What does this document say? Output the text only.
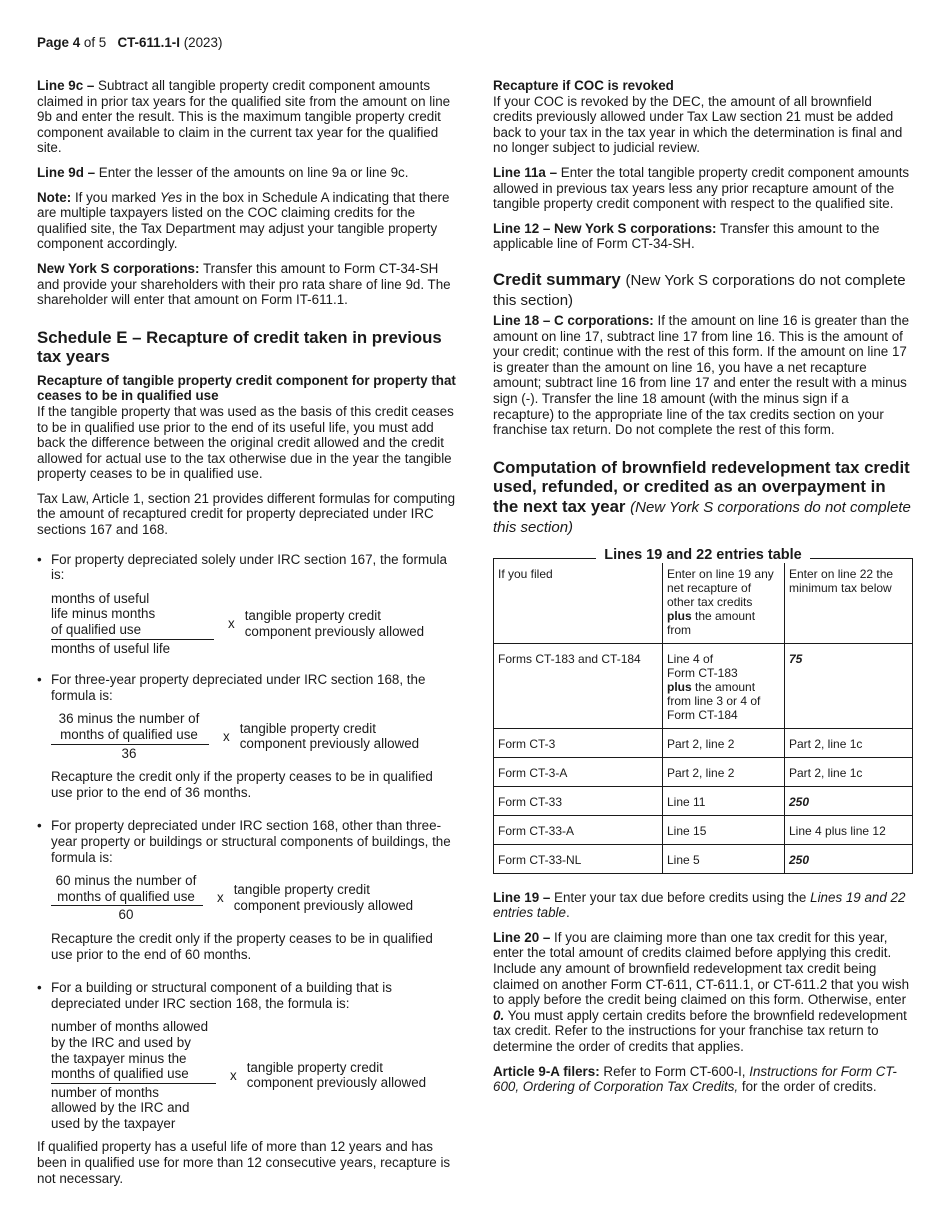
Page 4 of 5 CT-611.1-I (2023)

Line 9c – Subtract all tangible property credit component amounts claimed in prior tax years for the qualified site from the amount on line 9b and enter the result. This is the maximum tangible property credit component available to claim in the current tax year for the qualified site.

Line 9d – Enter the lesser of the amounts on line 9a or line 9c.

Note: If you marked Yes in the box in Schedule A indicating that there are multiple taxpayers listed on the COC claiming credits for the qualified site, the Tax Department may adjust your tangible property component accordingly.

New York S corporations: Transfer this amount to Form CT-34-SH and provide your shareholders with their pro rata share of line 9d. The shareholder will enter that amount on Form IT-611.1.

Schedule E – Recapture of credit taken in previous tax years

Recapture of tangible property credit component for property that ceases to be in qualified use

If the tangible property that was used as the basis of this credit ceases to be in qualified use prior to the end of its useful life, you must add back the difference between the original credit allowed and the credit allowed for actual use to the tax otherwise due in the year the tangible property ceases to be in qualified use.

Tax Law, Article 1, section 21 provides different formulas for computing the amount of recaptured credit for property depreciated under IRC sections 167 and 168.

• For property depreciated solely under IRC section 167, the formula is:
months of useful
life minus months
of qualified use
months of useful life
x
tangible property credit
component previously allowed
• For three-year property depreciated under IRC section 168, the formula is:
36 minus the number of
months of qualified use
36 x
tangible property credit
component previously allowed

Recapture the credit only if the property ceases to be in qualified use prior to the end of 36 months.

• For property depreciated under IRC section 168, other than three-year property or buildings or structural components of buildings, the formula is:
60 minus the number of
months of qualified use
60 x
tangible property credit
component previously allowed

Recapture the credit only if the property ceases to be in qualified use prior to the end of 60 months.

• For a building or structural component of a building that is depreciated under IRC section 168, the formula is:
number of months allowed
by the IRC and used by
the taxpayer minus the
months of qualified use
number of months
allowed by the IRC and
used by the taxpayer
x
tangible property credit
component previously allowed

If qualified property has a useful life of more than 12 years and has been in qualified use for more than 12 consecutive years, recapture is not necessary.

Recapture if COC is revoked

If your COC is revoked by the DEC, the amount of all brownfield credits previously allowed under Tax Law section 21 must be added back to your tax in the tax year in which the determination is final and no longer subject to judicial review.

Line 11a – Enter the total tangible property credit component amounts allowed in previous tax years less any prior recapture amount of the tangible property credit component with respect to the qualified site.

Line 12 – New York S corporations: Transfer this amount to the applicable line of Form CT-34-SH.

Credit summary (New York S corporations do not complete this section)

Line 18 – C corporations: If the amount on line 16 is greater than the amount on line 17, subtract line 17 from line 16. This is the amount of your credit; continue with the rest of this form. If the amount on line 17 is greater than the amount on line 16, you have a net recapture amount; subtract line 16 from line 17 and enter the result with a minus sign (-). Transfer the line 18 amount (with the minus sign if a recapture) to the appropriate line of the tax credits section on your franchise tax return. Do not complete the rest of this form.

Computation of brownfield redevelopment tax credit used, refunded, or credited as an overpayment in the next tax year (New York S corporations do not complete this section)
Lines 19 and 22 entries table
If you filed	Enter on line 19 any net recapture of other tax credits plus the amount from	Enter on line 22 the minimum tax below
Forms CT-183 and CT-184	Line 4 of
Form CT-183
plus the amount from line 3 or 4 of Form CT-184	75
Form CT-3	Part 2, line 2	Part 2, line 1c
Form CT-3-A	Part 2, line 2	Part 2, line 1c
Form CT-33	Line 11	250
Form CT-33-A	Line 15	Line 4 plus line 12
Form CT-33-NL	Line 5	250

Line 19 – Enter your tax due before credits using the Lines 19 and 22 entries table.

Line 20 – If you are claiming more than one tax credit for this year, enter the total amount of credits claimed before applying this credit. Include any amount of brownfield redevelopment tax credit being claimed on another Form CT-611, CT-611.1, or CT-611.2 that you wish to apply before the credit being claimed on this form. Otherwise, enter 0. You must apply certain credits before the brownfield redevelopment tax credit. Refer to the instructions for your franchise tax return to determine the order of credits that applies.

Article 9-A filers: Refer to Form CT-600-I, Instructions for Form CT-600, Ordering of Corporation Tax Credits, for the order of credits.
